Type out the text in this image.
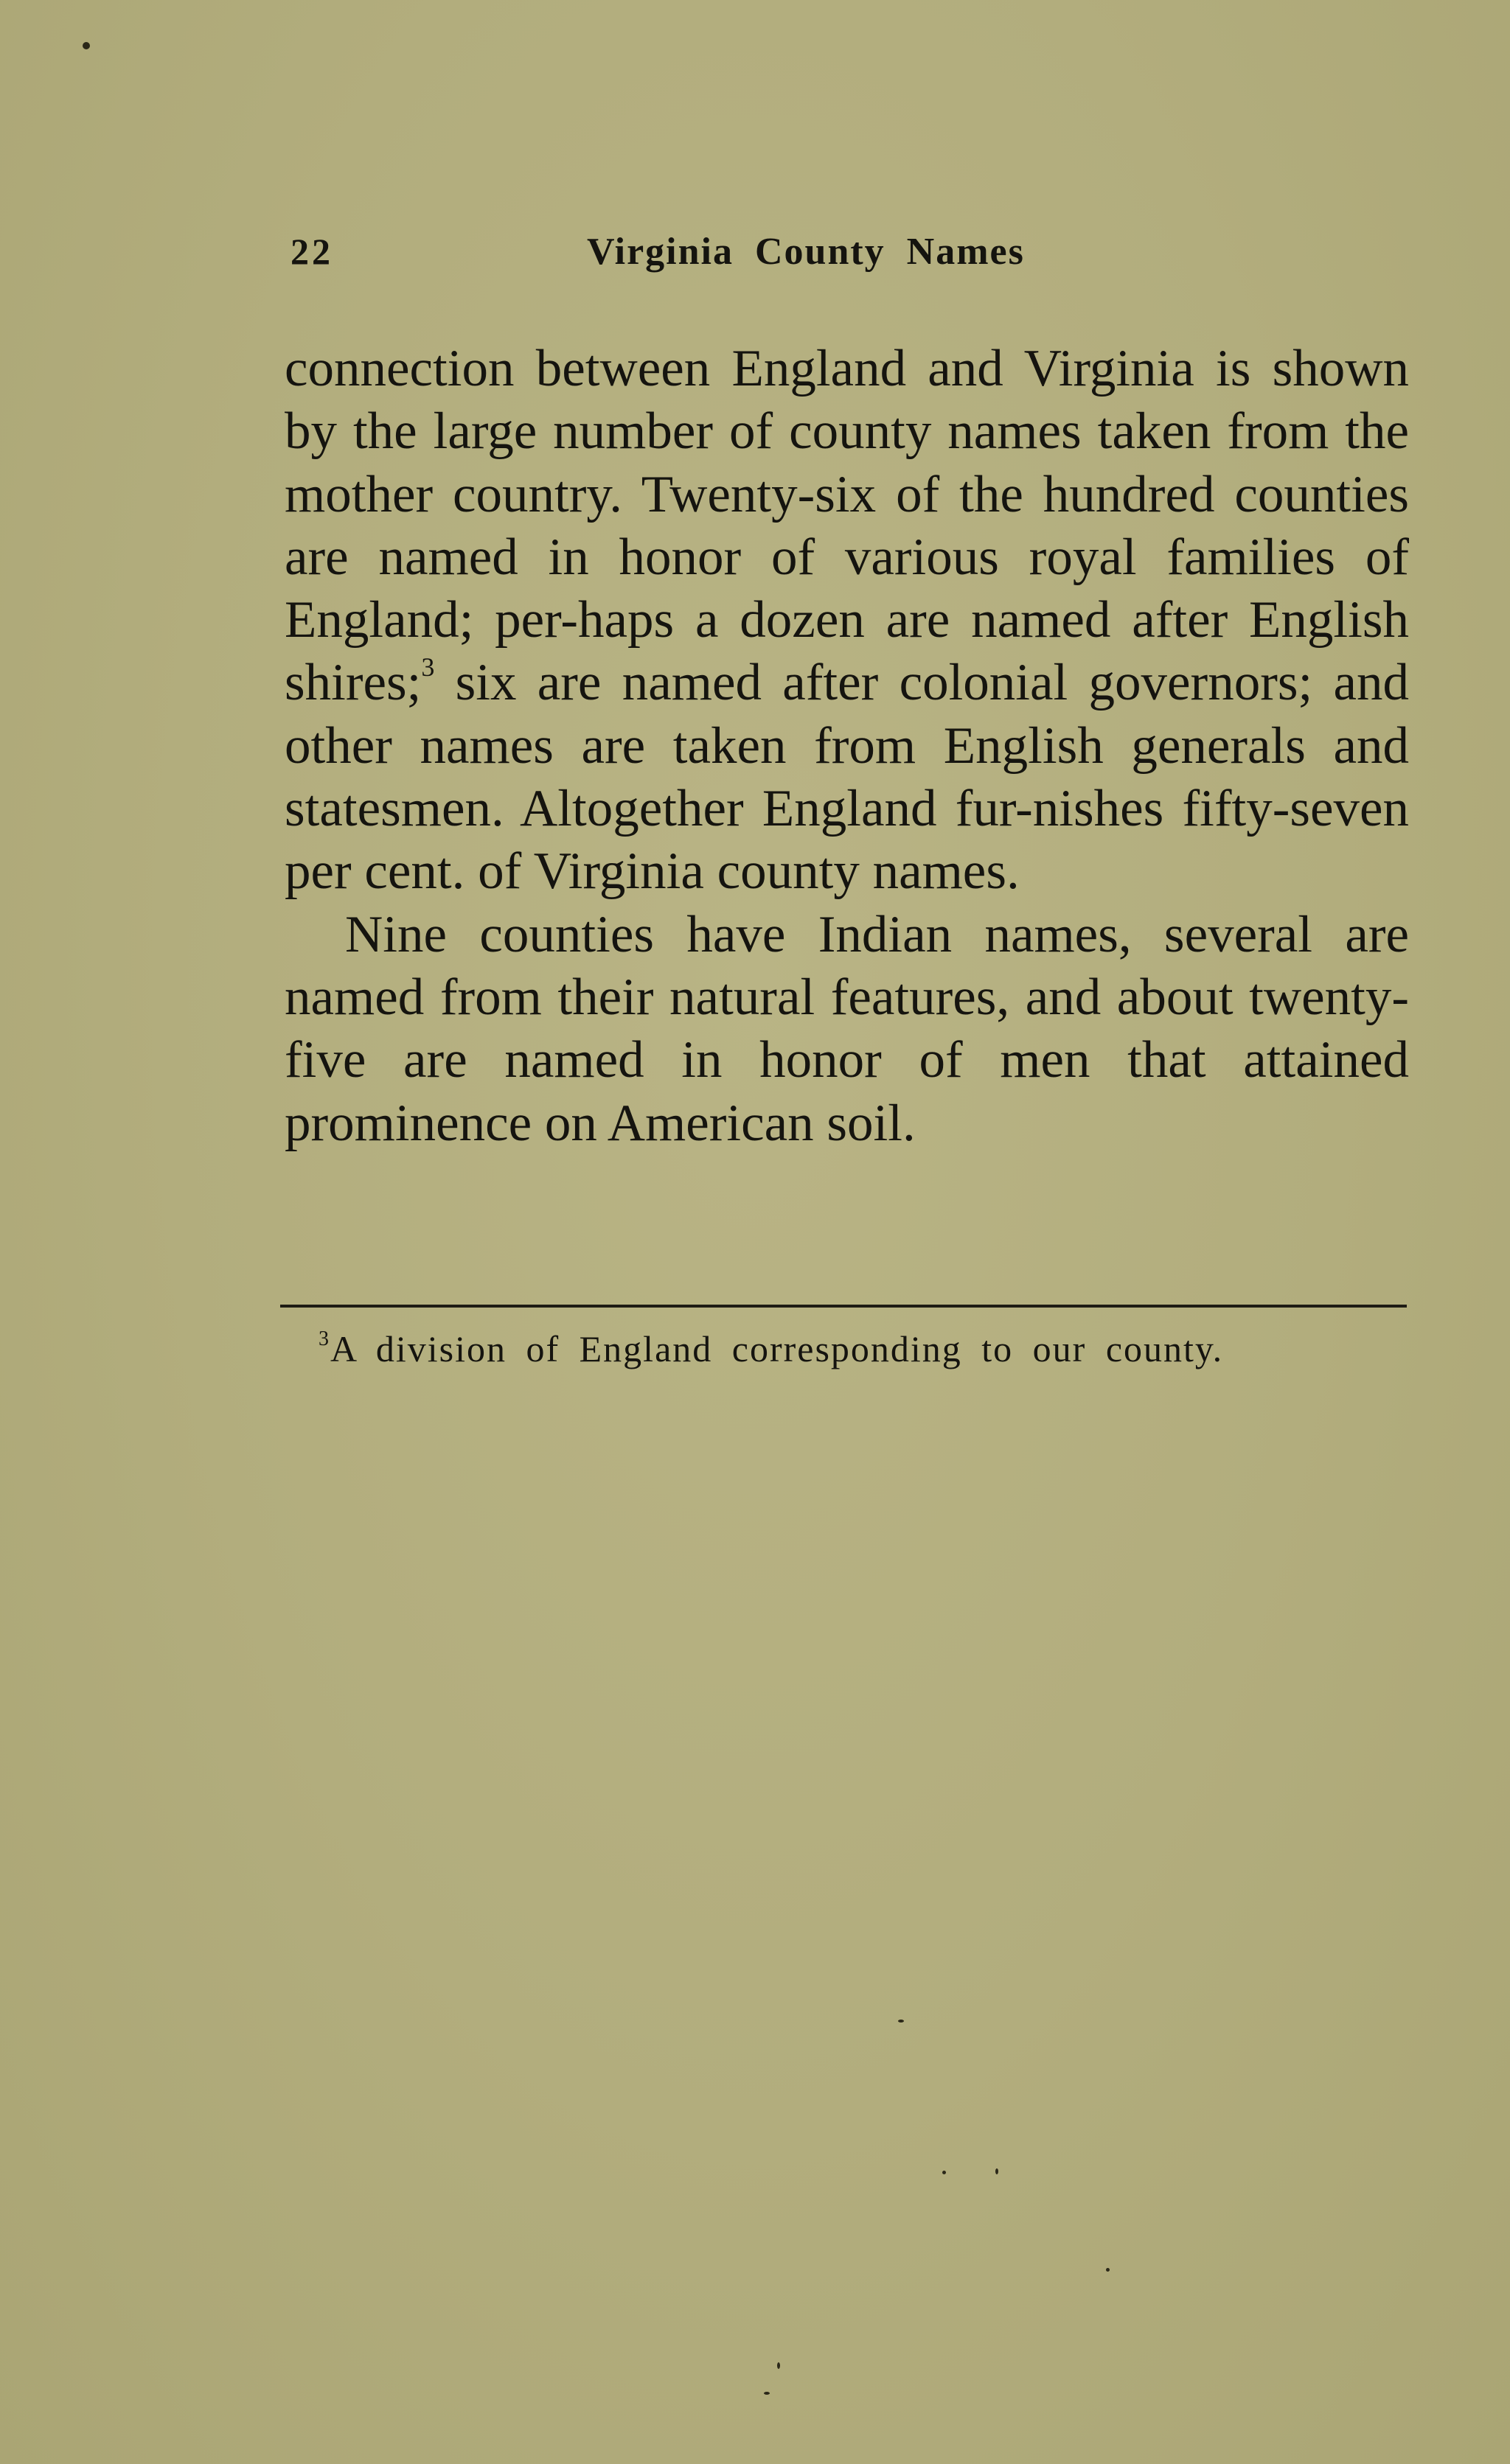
22	Virginia County Names

connection between England and Virginia is shown by the large number of county names taken from the mother country. Twenty-six of the hundred counties are named in honor of various royal families of England; per-haps a dozen are named after English shires;$^3$ six are named after colonial governors; and other names are taken from English generals and statesmen. Altogether England fur-nishes fifty-seven per cent. of Virginia county names.

Nine counties have Indian names, several are named from their natural features, and about twenty-five are named in honor of men that attained prominence on American soil.

$^3$A division of England corresponding to our county.
